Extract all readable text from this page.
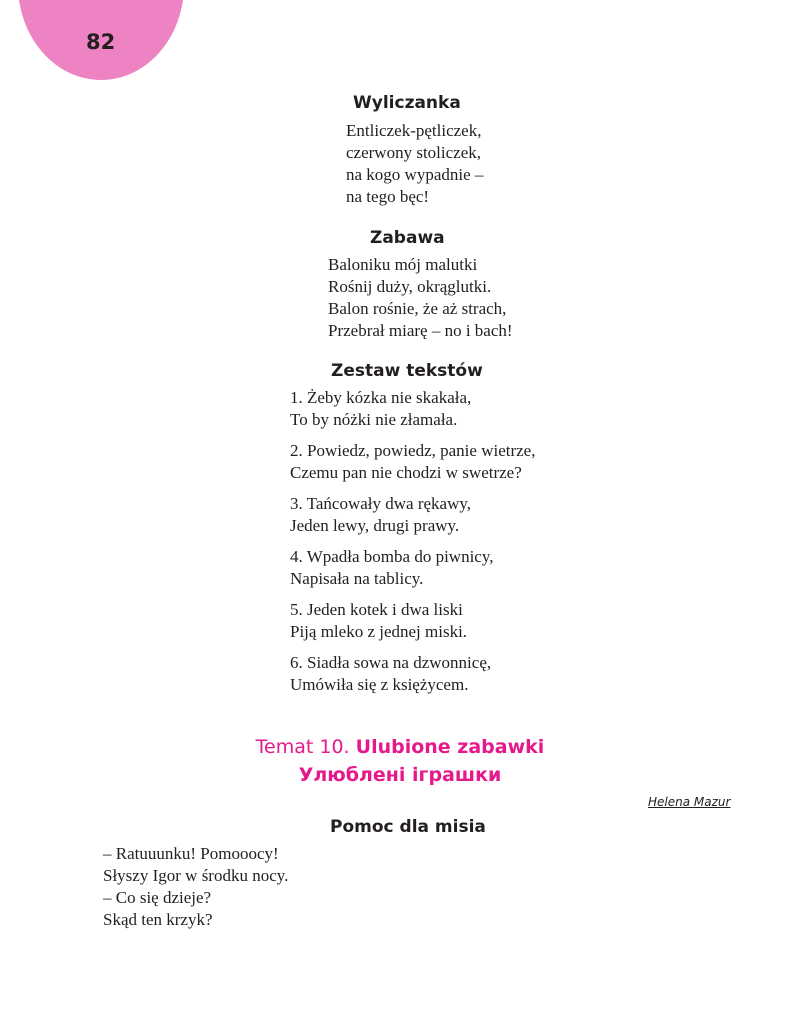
82
Wyliczanka
Entliczek-pętliczek,
czerwony stoliczek,
na kogo wypadnie –
na tego bęc!
Zabawa
Baloniku mój malutki
Rośnij duży, okrąglutki.
Balon rośnie, że aż strach,
Przebrał miarę – no i bach!
Zestaw tekstów
1. Żeby kózka nie skakała,
To by nóżki nie złamała.
2. Powiedz, powiedz, panie wietrze,
Czemu pan nie chodzi w swetrze?
3. Tańcowały dwa rękawy,
Jeden lewy, drugi prawy.
4. Wpadła bomba do piwnicy,
Napisała na tablicy.
5. Jeden kotek i dwa liski
Piją mleko z jednej miski.
6. Siadła sowa na dzwonnicę,
Umówiła się z księżycem.
Temat 10. Ulubione zabawki
Улюблені іграшки
Helena Mazur
Pomoc dla misia
– Ratuuunku! Pomooocy!
Słyszy Igor w środku nocy.
– Co się dzieje?
Skąd ten krzyk?
